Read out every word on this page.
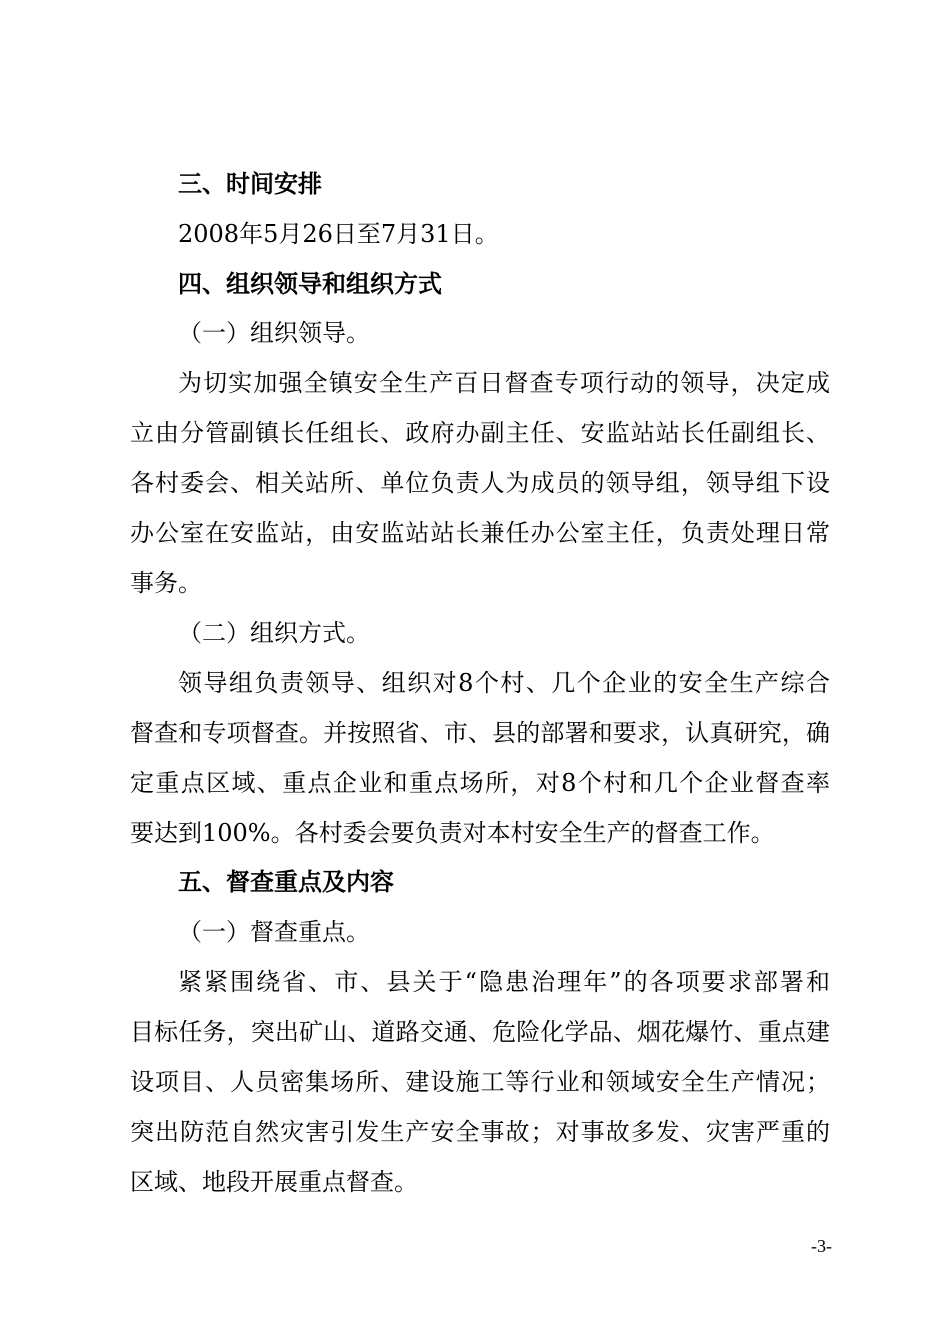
三、时间安排
2008年5月26日至7月31日。
四、组织领导和组织方式
（一）组织领导。
为切实加强全镇安全生产百日督查专项行动的领导，决定成
立由分管副镇长任组长、政府办副主任、安监站站长任副组长、
各村委会、相关站所、单位负责人为成员的领导组，领导组下设
办公室在安监站，由安监站站长兼任办公室主任，负责处理日常
事务。
（二）组织方式。
领导组负责领导、组织对8个村、几个企业的安全生产综合
督查和专项督查。并按照省、市、县的部署和要求，认真研究，确
定重点区域、重点企业和重点场所，对8个村和几个企业督查率
要达到100%。各村委会要负责对本村安全生产的督查工作。
五、督查重点及内容
（一）督查重点。
紧紧围绕省、市、县关于“隐患治理年”的各项要求部署和
目标任务，突出矿山、道路交通、危险化学品、烟花爆竹、重点建
设项目、人员密集场所、建设施工等行业和领域安全生产情况；
突出防范自然灾害引发生产安全事故；对事故多发、灾害严重的
区域、地段开展重点督查。
-3-
